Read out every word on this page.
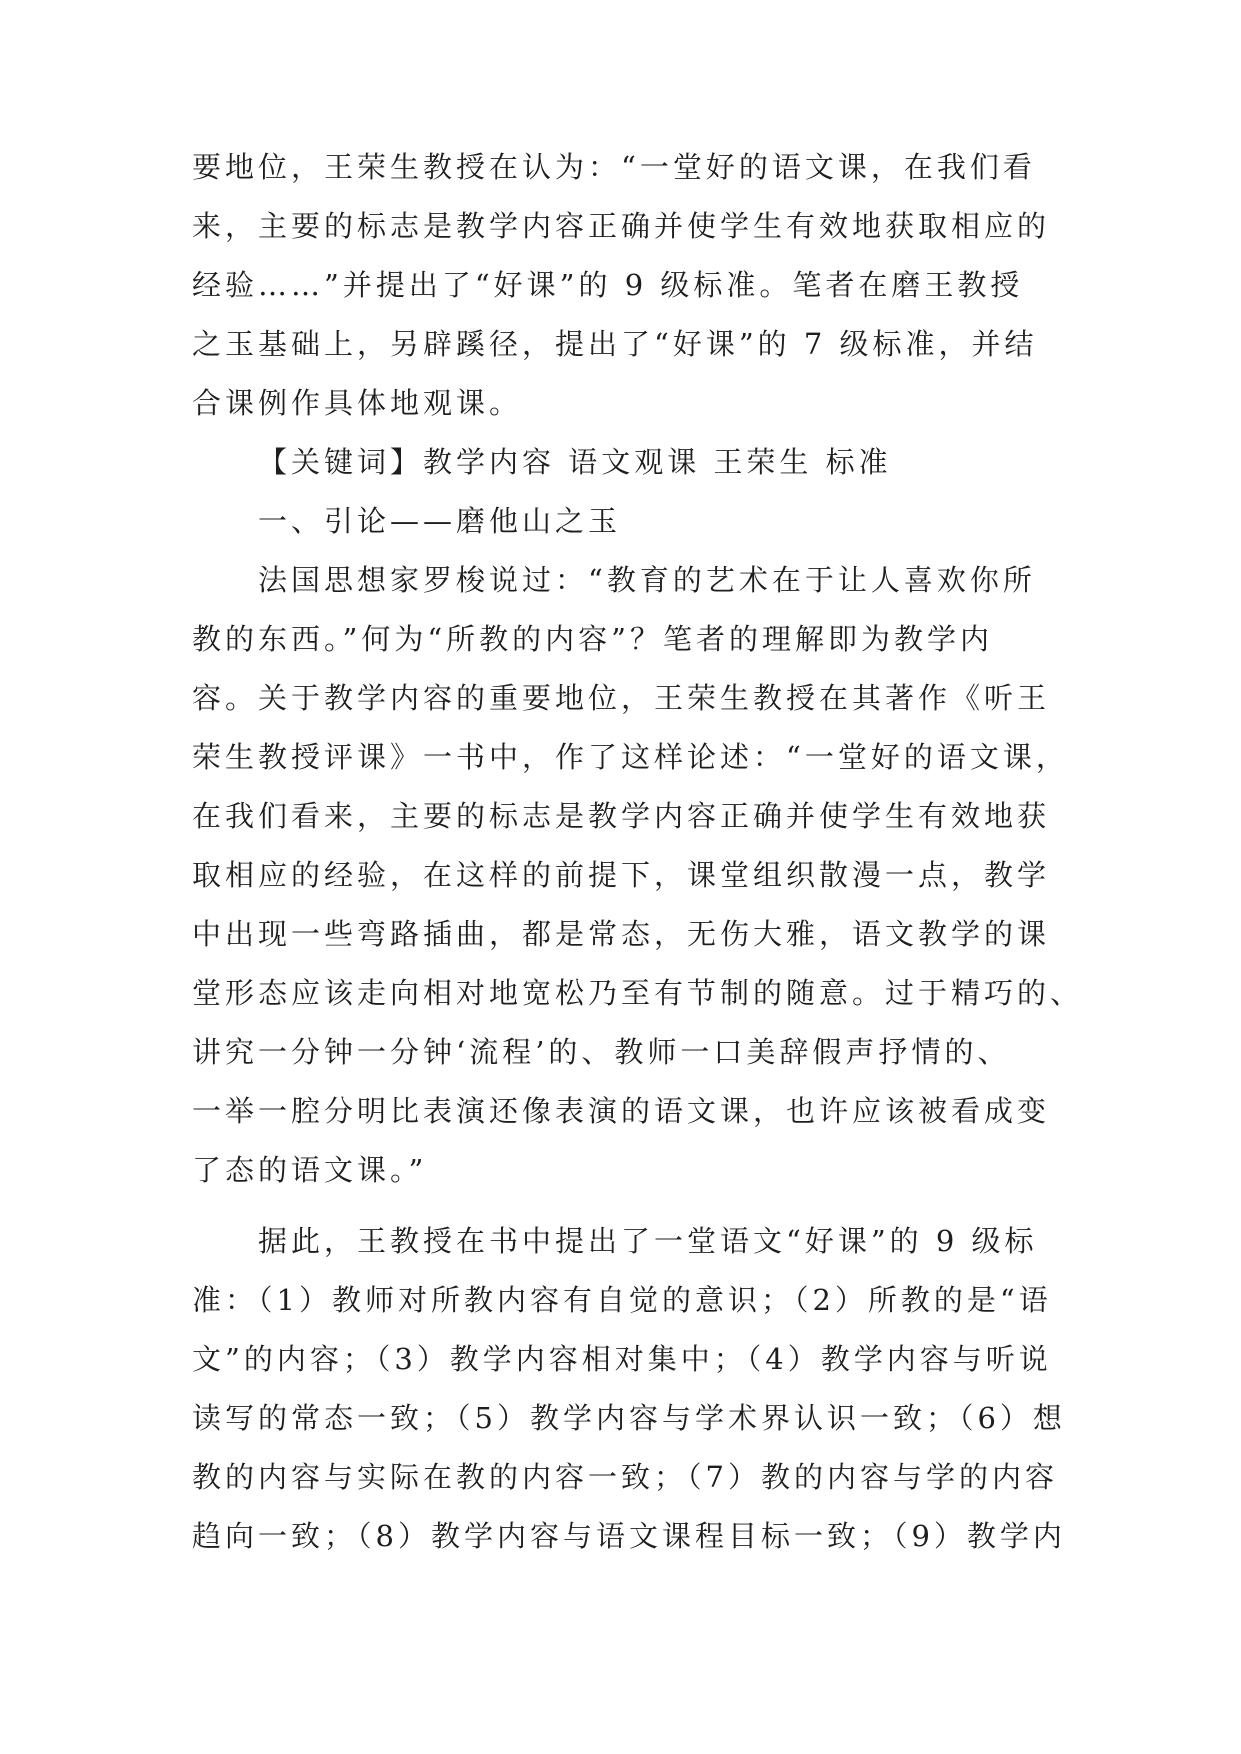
要地位，王荣生教授在认为：“一堂好的语文课，在我们看

来，主要的标志是教学内容正确并使学生有效地获取相应的

经验……”并提出了“好课”的 9 级标准。笔者在磨王教授

之玉基础上，另辟蹊径，提出了“好课”的 7 级标准，并结

合课例作具体地观课。

【关键词】教学内容 语文观课 王荣生 标准

一、引论——磨他山之玉

法国思想家罗梭说过：“教育的艺术在于让人喜欢你所

教的东西。”何为“所教的内容”？笔者的理解即为教学内

容。关于教学内容的重要地位，王荣生教授在其著作《听王

荣生教授评课》一书中，作了这样论述：“一堂好的语文课，

在我们看来，主要的标志是教学内容正确并使学生有效地获

取相应的经验，在这样的前提下，课堂组织散漫一点，教学

中出现一些弯路插曲，都是常态，无伤大雅，语文教学的课

堂形态应该走向相对地宽松乃至有节制的随意。过于精巧的、

讲究一分钟一分钟‘流程’的、教师一口美辞假声抒情的、

一举一腔分明比表演还像表演的语文课，也许应该被看成变

了态的语文课。”

据此，王教授在书中提出了一堂语文“好课”的 9 级标

准：（1）教师对所教内容有自觉的意识；（2）所教的是“语

文”的内容；（3）教学内容相对集中；（4）教学内容与听说

读写的常态一致；（5）教学内容与学术界认识一致；（6）想

教的内容与实际在教的内容一致；（7）教的内容与学的内容

趋向一致；（8）教学内容与语文课程目标一致；（9）教学内
